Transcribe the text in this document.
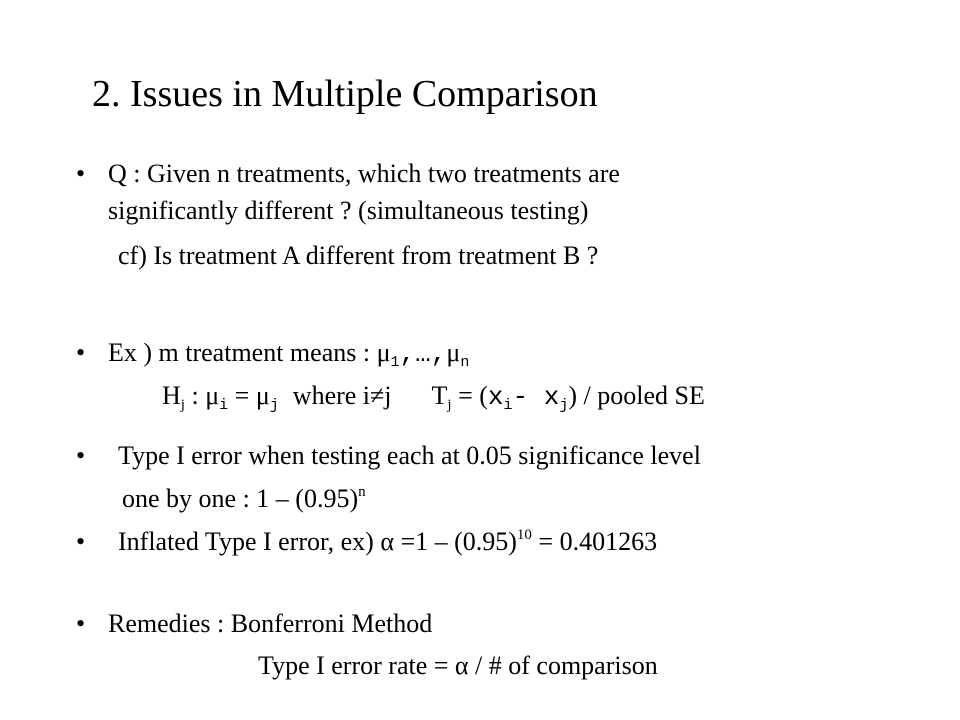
2. Issues in Multiple Comparison
• Q : Given n treatments, which two treatments are
significantly different ? (simultaneous testing)
cf) Is treatment A different from treatment B ?
• Ex ) m treatment means : $\mu_1,\dots,\mu_n$
$H_j$ : $\mu_i = \mu_j$ where i≠j $T_j = (x_i-$ $x_j$) / pooled SE
• Type I error when testing each at 0.05 significance level
one by one : $1 - (0.95)^n$
• Inflated Type I error, ex) $\alpha =1 - (0.95)^{10} = 0.401263$
• Remedies : Bonferroni Method
Type I error rate = α / # of comparison
